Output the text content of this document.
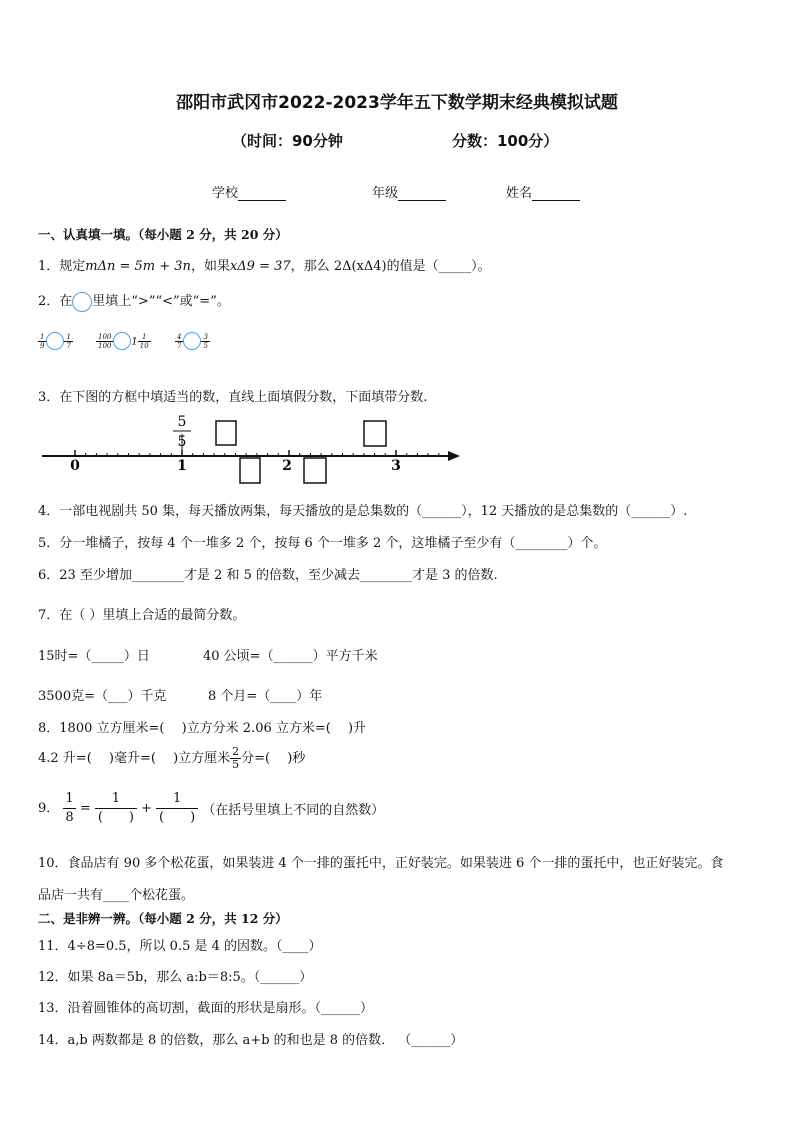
邵阳市武冈市2022-2023学年五下数学期末经典模拟试题
（时间：90分钟	分数：100分）
学校	年级	姓名
一、认真填一填。（每小题 2 分，共 20 分）
1．规定mΔn = 5m + 3n，如果xΔ9 = 37，那么 2Δ(xΔ4)的值是（_____）。
2．在 里填上“>”“<”或“=”。
$\frac{1}{9}$	$\frac{1}{7}$	$\frac{100}{100} 1 \frac{1}{10}$	$\frac{4}{7}$	$\frac{3}{5}$
3．在下图的方框中填适当的数，直线上面填假分数，下面填带分数.
0	1	2	3
5
5
4．一部电视剧共 50 集，每天播放两集，每天播放的是总集数的（______），12 天播放的是总集数的（______）.
5．分一堆橘子，按每 4 个一堆多 2 个，按每 6 个一堆多 2 个，这堆橘子至少有（________）个。
6．23 至少增加________才是 2 和 5 的倍数，至少减去________才是 3 的倍数.
7．在（ ）里填上合适的最简分数。
15时=（_____）日	40 公顷=（______）平方千米
3500克=（___）千克	8 个月=（____）年
8．1800 立方厘米=(　 )立方分米 2.06 立方米=(　 )升
4.2 升=(　 )毫升=(　 )立方厘米 $\frac{2}{5}$ 分=(　 )秒
9． $\frac{1}{8} = \frac{1}{( )} + \frac{1}{( )}$ （在括号里填上不同的自然数）
10．食品店有 90 多个松花蛋，如果装进 4 个一排的蛋托中，正好装完。如果装进 6 个一排的蛋托中，也正好装完。食
品店一共有____个松花蛋。
二、是非辨一辨。（每小题 2 分，共 12 分）
11．4÷8=0.5，所以 0.5 是 4 的因数。（____）
12．如果 8a＝5b，那么 a:b＝8:5。（______）
13．沿着圆锥体的高切割，截面的形状是扇形。（______）
14．a,b 两数都是 8 的倍数，那么 a+b 的和也是 8 的倍数． （______）
